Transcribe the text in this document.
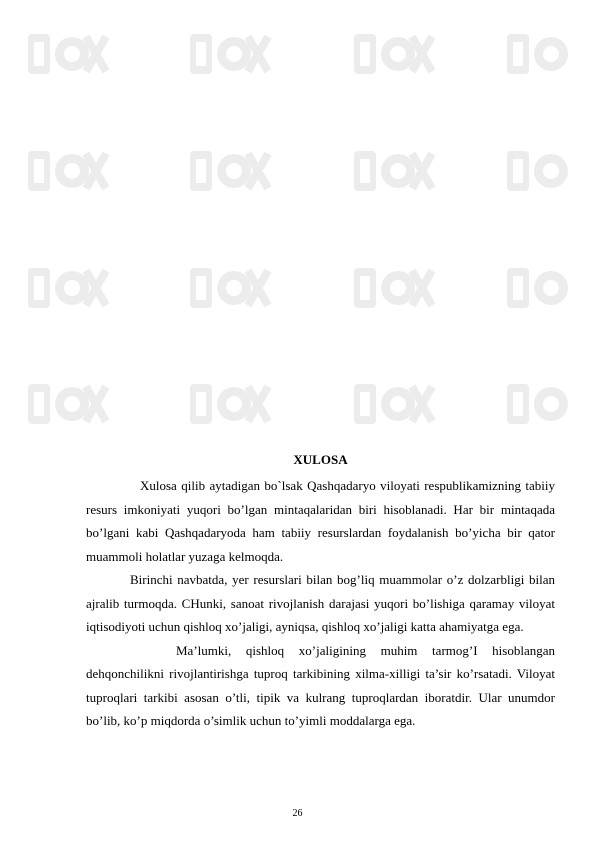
XULOSA

Xulosa qilib aytadigan bo`lsak Qashqadaryo viloyati respublikamizning tabiiy resurs imkoniyati yuqori bo’lgan mintaqalaridan biri hisoblanadi. Har bir mintaqada bo’lgani kabi Qashqadaryoda ham tabiiy resurslardan foydalanish bo’yicha bir qator muammoli holatlar yuzaga kelmoqda.

Birinchi navbatda, yer resurslari bilan bog’liq muammolar o’z dolzarbligi bilan ajralib turmoqda. CHunki, sanoat rivojlanish darajasi yuqori bo’lishiga qaramay viloyat iqtisodiyoti uchun qishloq xo’jaligi, ayniqsa, qishloq xo’jaligi katta ahamiyatga ega.

Ma’lumki, qishloq xo’jaligining muhim tarmog’I hisoblangan dehqonchilikni rivojlantirishga tuproq tarkibining xilma-xilligi ta’sir ko’rsatadi. Viloyat tuproqlari tarkibi asosan o’tli, tipik va kulrang tuproqlardan iboratdir. Ular unumdor bo’lib, ko’p miqdorda o’simlik uchun to’yimli moddalarga ega.

26
